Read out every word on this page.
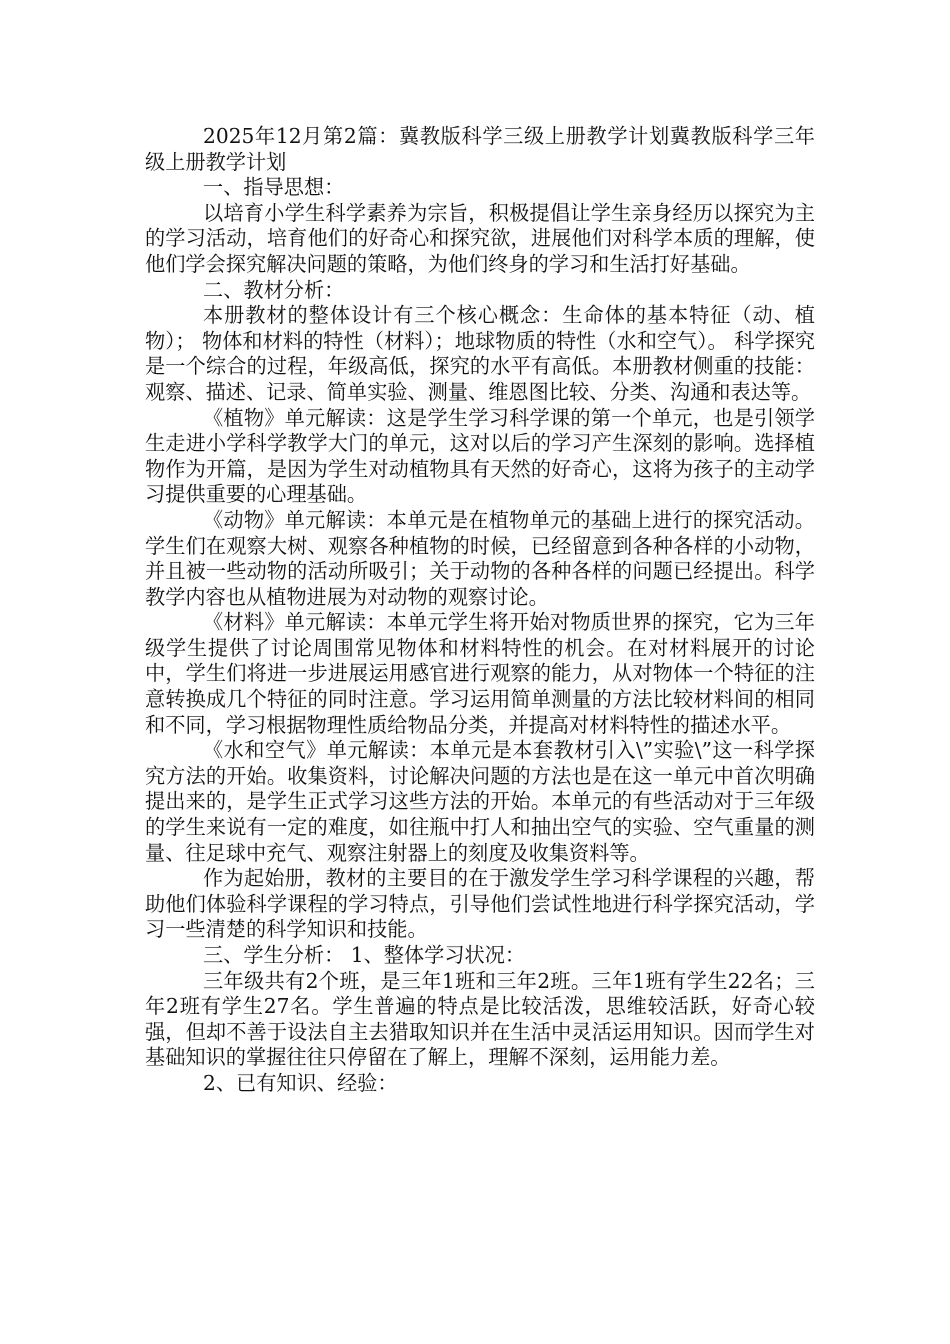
2025年12月第2篇：冀教版科学三级上册教学计划冀教版科学三年级上册教学计划

一、指导思想：

以培育小学生科学素养为宗旨，积极提倡让学生亲身经历以探究为主的学习活动，培育他们的好奇心和探究欲，进展他们对科学本质的理解，使他们学会探究解决问题的策略，为他们终身的学习和生活打好基础。

二、教材分析：

本册教材的整体设计有三个核心概念：生命体的基本特征（动、植物）； 物体和材料的特性（材料）；地球物质的特性（水和空气）。 科学探究是一个综合的过程，年级高低，探究的水平有高低。本册教材侧重的技能：观察、描述、记录、简单实验、测量、维恩图比较、分类、沟通和表达等。

《植物》单元解读：这是学生学习科学课的第一个单元，也是引领学生走进小学科学教学大门的单元，这对以后的学习产生深刻的影响。选择植物作为开篇，是因为学生对动植物具有天然的好奇心，这将为孩子的主动学习提供重要的心理基础。

《动物》单元解读：本单元是在植物单元的基础上进行的探究活动。学生们在观察大树、观察各种植物的时候，已经留意到各种各样的小动物，并且被一些动物的活动所吸引；关于动物的各种各样的问题已经提出。科学教学内容也从植物进展为对动物的观察讨论。

《材料》单元解读：本单元学生将开始对物质世界的探究，它为三年级学生提供了讨论周围常见物体和材料特性的机会。在对材料展开的讨论中，学生们将进一步进展运用感官进行观察的能力，从对物体一个特征的注意转换成几个特征的同时注意。学习运用简单测量的方法比较材料间的相同和不同，学习根据物理性质给物品分类，并提高对材料特性的描述水平。

《水和空气》单元解读：本单元是本套教材引入\”实验\”这一科学探究方法的开始。收集资料，讨论解决问题的方法也是在这一单元中首次明确提出来的，是学生正式学习这些方法的开始。本单元的有些活动对于三年级的学生来说有一定的难度，如往瓶中打人和抽出空气的实验、空气重量的测量、往足球中充气、观察注射器上的刻度及收集资料等。

作为起始册，教材的主要目的在于激发学生学习科学课程的兴趣，帮助他们体验科学课程的学习特点，引导他们尝试性地进行科学探究活动，学习一些清楚的科学知识和技能。

三、学生分析： 1、整体学习状况：

三年级共有2个班，是三年1班和三年2班。三年1班有学生22名；三年2班有学生27名。学生普遍的特点是比较活泼，思维较活跃，好奇心较强，但却不善于设法自主去猎取知识并在生活中灵活运用知识。因而学生对基础知识的掌握往往只停留在了解上，理解不深刻，运用能力差。

2、已有知识、经验：
